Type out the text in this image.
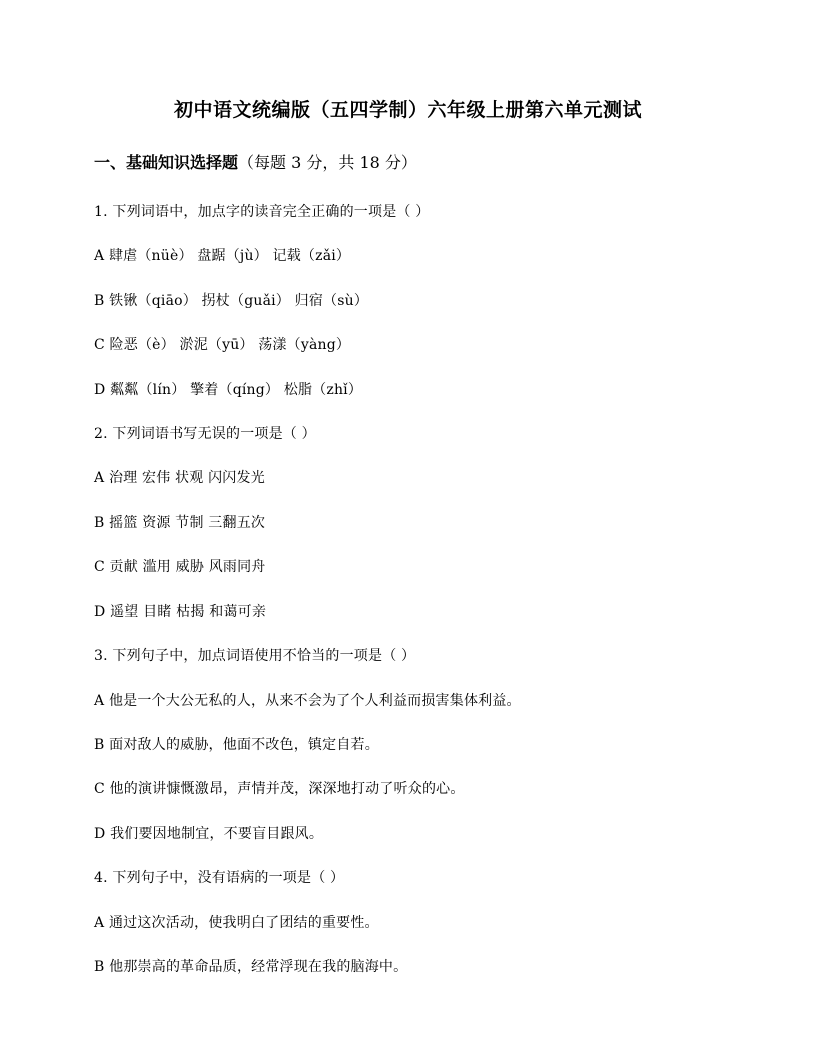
初中语文统编版（五四学制）六年级上册第六单元测试
一、基础知识选择题（每题 3 分，共 18 分）
1. 下列词语中，加点字的读音完全正确的一项是（ ）
A 肆虐（nüè） 盘踞（jù） 记载（zǎi）
B 铁锹（qiāo） 拐杖（guǎi） 归宿（sù）
C 险恶（è） 淤泥（yū） 荡漾（yàng）
D 粼粼（lín） 擎着（qíng） 松脂（zhǐ）
2. 下列词语书写无误的一项是（ ）
A 治理 宏伟 状观 闪闪发光
B 摇篮 资源 节制 三翻五次
C 贡献 滥用 威胁 风雨同舟
D 遥望 目睹 枯揭 和蔼可亲
3. 下列句子中，加点词语使用不恰当的一项是（ ）
A 他是一个大公无私的人，从来不会为了个人利益而损害集体利益。
B 面对敌人的威胁，他面不改色，镇定自若。
C 他的演讲慷慨激昂，声情并茂，深深地打动了听众的心。
D 我们要因地制宜，不要盲目跟风。
4. 下列句子中，没有语病的一项是（ ）
A 通过这次活动，使我明白了团结的重要性。
B 他那崇高的革命品质，经常浮现在我的脑海中。
